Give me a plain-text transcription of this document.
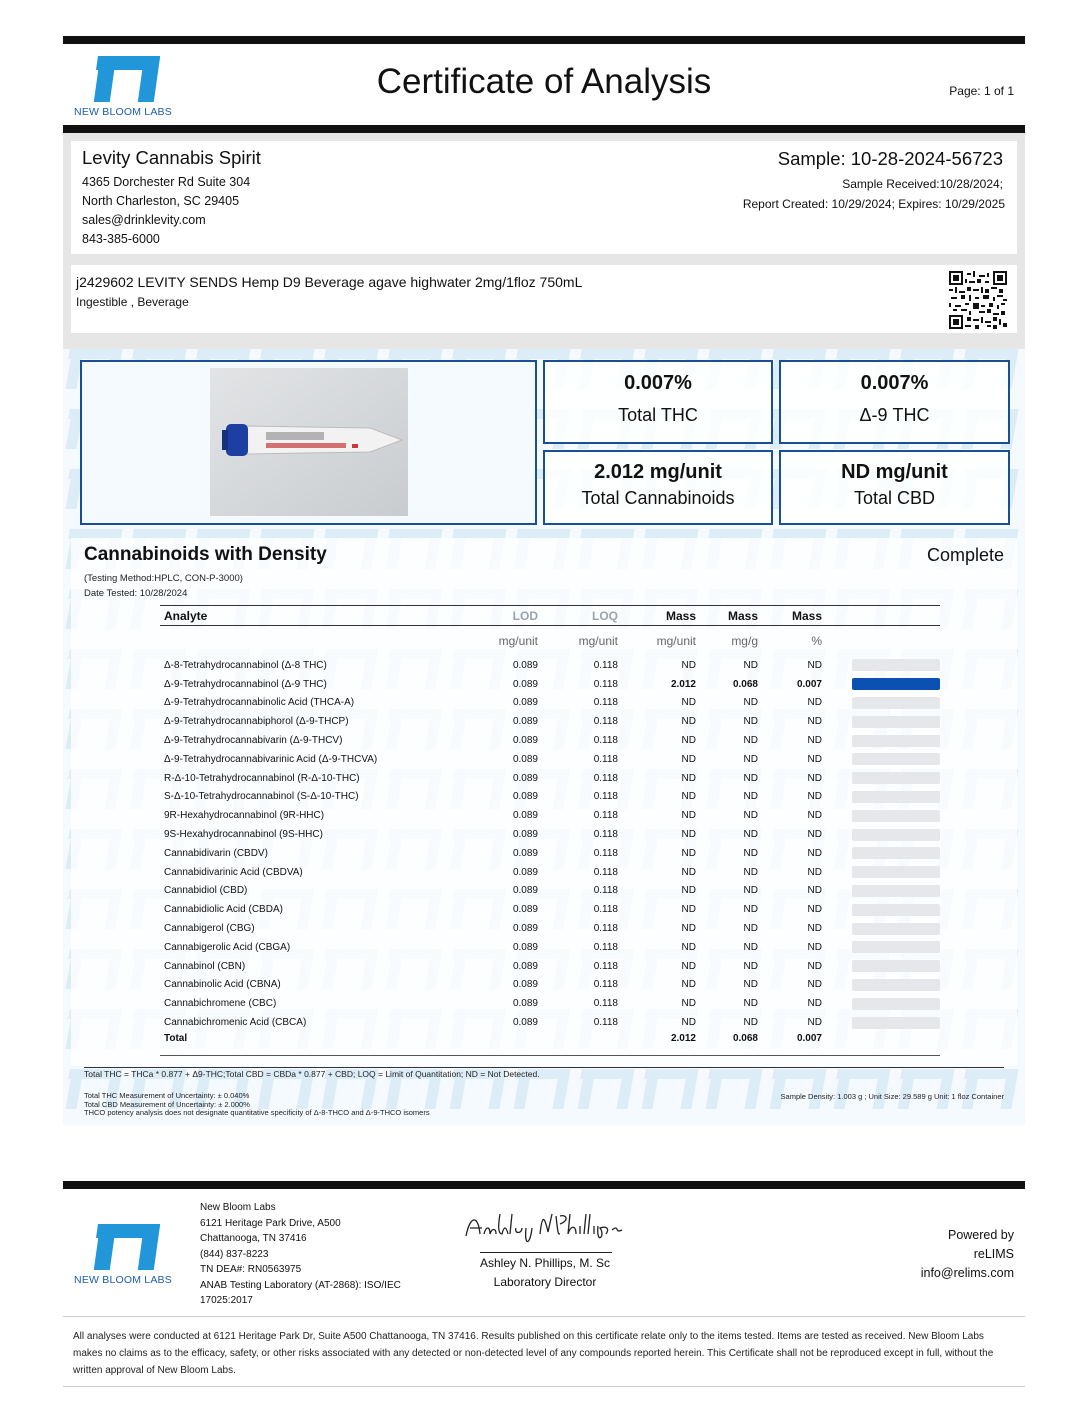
NEW BLOOM LABS
Certificate of Analysis	Page: 1 of 1
Levity Cannabis Spirit
4365 Dorchester Rd Suite 304
North Charleston, SC 29405
sales@drinklevity.com
843-385-6000
Sample: 10-28-2024-56723
Sample Received:10/28/2024;
Report Created: 10/29/2024; Expires: 10/29/2025
j2429602 LEVITY SENDS Hemp D9 Beverage agave highwater 2mg/1floz 750mL
Ingestible , Beverage
0.007%
Total THC
0.007%
Δ-9 THC
2.012 mg/unit
Total Cannabinoids
ND mg/unit
Total CBD
Cannabinoids with Density	Complete
(Testing Method:HPLC, CON-P-3000)
Date Tested: 10/28/2024
Analyte	LOD	LOQ	Mass	Mass	Mass	
	mg/unit	mg/unit	mg/unit	mg/g	%	
Δ-8-Tetrahydrocannabinol (Δ-8 THC)	0.089	0.118	ND	ND	ND	
Δ-9-Tetrahydrocannabinol (Δ-9 THC)	0.089	0.118	2.012	0.068	0.007	
Δ-9-Tetrahydrocannabinolic Acid (THCA-A)	0.089	0.118	ND	ND	ND	
Δ-9-Tetrahydrocannabiphorol (Δ-9-THCP)	0.089	0.118	ND	ND	ND	
Δ-9-Tetrahydrocannabivarin (Δ-9-THCV)	0.089	0.118	ND	ND	ND	
Δ-9-Tetrahydrocannabivarinic Acid (Δ-9-THCVA)	0.089	0.118	ND	ND	ND	
R-Δ-10-Tetrahydrocannabinol (R-Δ-10-THC)	0.089	0.118	ND	ND	ND	
S-Δ-10-Tetrahydrocannabinol (S-Δ-10-THC)	0.089	0.118	ND	ND	ND	
9R-Hexahydrocannabinol (9R-HHC)	0.089	0.118	ND	ND	ND	
9S-Hexahydrocannabinol (9S-HHC)	0.089	0.118	ND	ND	ND	
Cannabidivarin (CBDV)	0.089	0.118	ND	ND	ND	
Cannabidivarinic Acid (CBDVA)	0.089	0.118	ND	ND	ND	
Cannabidiol (CBD)	0.089	0.118	ND	ND	ND	
Cannabidiolic Acid (CBDA)	0.089	0.118	ND	ND	ND	
Cannabigerol (CBG)	0.089	0.118	ND	ND	ND	
Cannabigerolic Acid (CBGA)	0.089	0.118	ND	ND	ND	
Cannabinol (CBN)	0.089	0.118	ND	ND	ND	
Cannabinolic Acid (CBNA)	0.089	0.118	ND	ND	ND	
Cannabichromene (CBC)	0.089	0.118	ND	ND	ND	
Cannabichromenic Acid (CBCA)	0.089	0.118	ND	ND	ND	
Total			2.012	0.068	0.007	
Total THC = THCa * 0.877 + Δ9-THC;Total CBD = CBDa * 0.877 + CBD; LOQ = Limit of Quantitation; ND = Not Detected.
Total THC Measurement of Uncertainty: ± 0.040%
Total CBD Measurement of Uncertainty: ± 2.000%
THCO potency analysis does not designate quantitative specificity of Δ-8-THCO and Δ-9-THCO isomers
Sample Density: 1.003 g ; Unit Size: 29.589 g Unit: 1 floz Container
NEW BLOOM LABS
New Bloom Labs
6121 Heritage Park Drive, A500
Chattanooga, TN 37416
(844) 837-8223
TN DEA#: RN0563975
ANAB Testing Laboratory (AT-2868): ISO/IEC
17025:2017
Ashley N. Phillips, M. Sc
Laboratory Director
Powered by
reLIMS
info@relims.com
All analyses were conducted at 6121 Heritage Park Dr, Suite A500 Chattanooga, TN 37416. Results published on this certificate relate only to the items tested. Items are tested as received. New Bloom Labs makes no claims as to the efficacy, safety, or other risks associated with any detected or non-detected level of any compounds reported herein. This Certificate shall not be reproduced except in full, without the written approval of New Bloom Labs.
